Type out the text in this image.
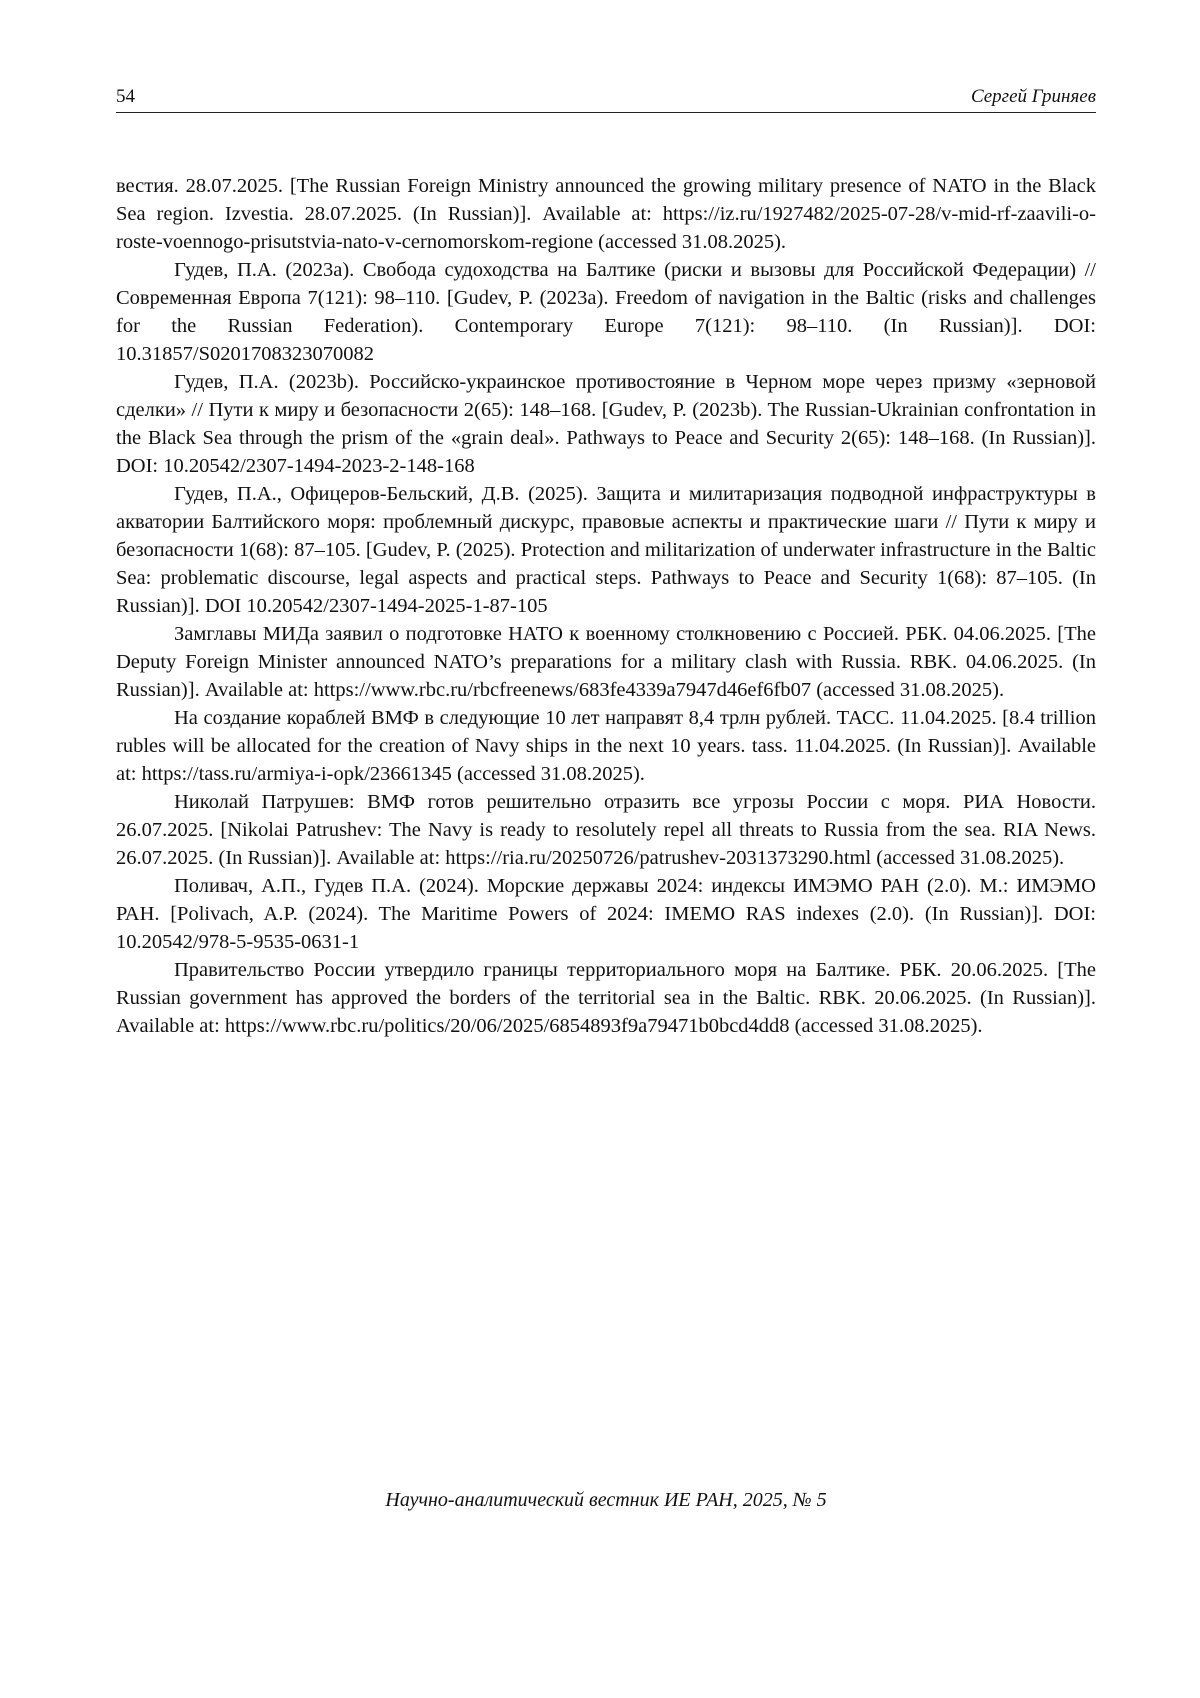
54	Сергей Гриняев

вестия. 28.07.2025. [The Russian Foreign Ministry announced the growing military presence of NATO in the Black Sea region. Izvestia. 28.07.2025. (In Russian)]. Available at: https://iz.ru/1927482/2025-07-28/v-mid-rf-zaavili-o-roste-voennogo-prisutstvia-nato-v-cernomorskom-regione (accessed 31.08.2025).

Гудев, П.А. (2023a). Свобода судоходства на Балтике (риски и вызовы для Российской Федерации) // Современная Европа 7(121): 98–110. [Gudev, P. (2023a). Freedom of navigation in the Baltic (risks and challenges for the Russian Federation). Contemporary Europe 7(121): 98–110. (In Russian)]. DOI: 10.31857/S0201708323070082

Гудев, П.А. (2023b). Российско-украинское противостояние в Черном море через призму «зерновой сделки» // Пути к миру и безопасности 2(65): 148–168. [Gudev, P. (2023b). The Russian-Ukrainian confrontation in the Black Sea through the prism of the «grain deal». Pathways to Peace and Security 2(65): 148–168. (In Russian)]. DOI: 10.20542/2307-1494-2023-2-148-168

Гудев, П.А., Офицеров-Бельский, Д.В. (2025). Защита и милитаризация подводной инфраструктуры в акватории Балтийского моря: проблемный дискурс, правовые аспекты и практические шаги // Пути к миру и безопасности 1(68): 87–105. [Gudev, P. (2025). Protection and militarization of underwater infrastructure in the Baltic Sea: problematic discourse, legal aspects and practical steps. Pathways to Peace and Security 1(68): 87–105. (In Russian)]. DOI 10.20542/2307-1494-2025-1-87-105

Замглавы МИДа заявил о подготовке НАТО к военному столкновению с Россией. РБК. 04.06.2025. [The Deputy Foreign Minister announced NATO’s preparations for a military clash with Russia. RBK. 04.06.2025. (In Russian)]. Available at: https://www.rbc.ru/rbcfreenews/683fe4339a7947d46ef6fb07 (accessed 31.08.2025).

На создание кораблей ВМФ в следующие 10 лет направят 8,4 трлн рублей. ТАСС. 11.04.2025. [8.4 trillion rubles will be allocated for the creation of Navy ships in the next 10 years. tass. 11.04.2025. (In Russian)]. Available at: https://tass.ru/armiya-i-opk/23661345 (accessed 31.08.2025).

Николай Патрушев: ВМФ готов решительно отразить все угрозы России с моря. РИА Новости. 26.07.2025. [Nikolai Patrushev: The Navy is ready to resolutely repel all threats to Russia from the sea. RIA News. 26.07.2025. (In Russian)]. Available at: https://ria.ru/20250726/patrushev-2031373290.html (accessed 31.08.2025).

Поливач, А.П., Гудев П.А. (2024). Морские державы 2024: индексы ИМЭМО РАН (2.0). М.: ИМЭМО РАН. [Polivach, A.P. (2024). The Maritime Powers of 2024: IMEMO RAS indexes (2.0). (In Russian)]. DOI: 10.20542/978-5-9535-0631-1

Правительство России утвердило границы территориального моря на Балтике. РБК. 20.06.2025. [The Russian government has approved the borders of the territorial sea in the Baltic. RBK. 20.06.2025. (In Russian)]. Available at: https://www.rbc.ru/politics/20/06/2025/6854893f9a79471b0bcd4dd8 (accessed 31.08.2025).

Научно-аналитический вестник ИЕ РАН, 2025, № 5
